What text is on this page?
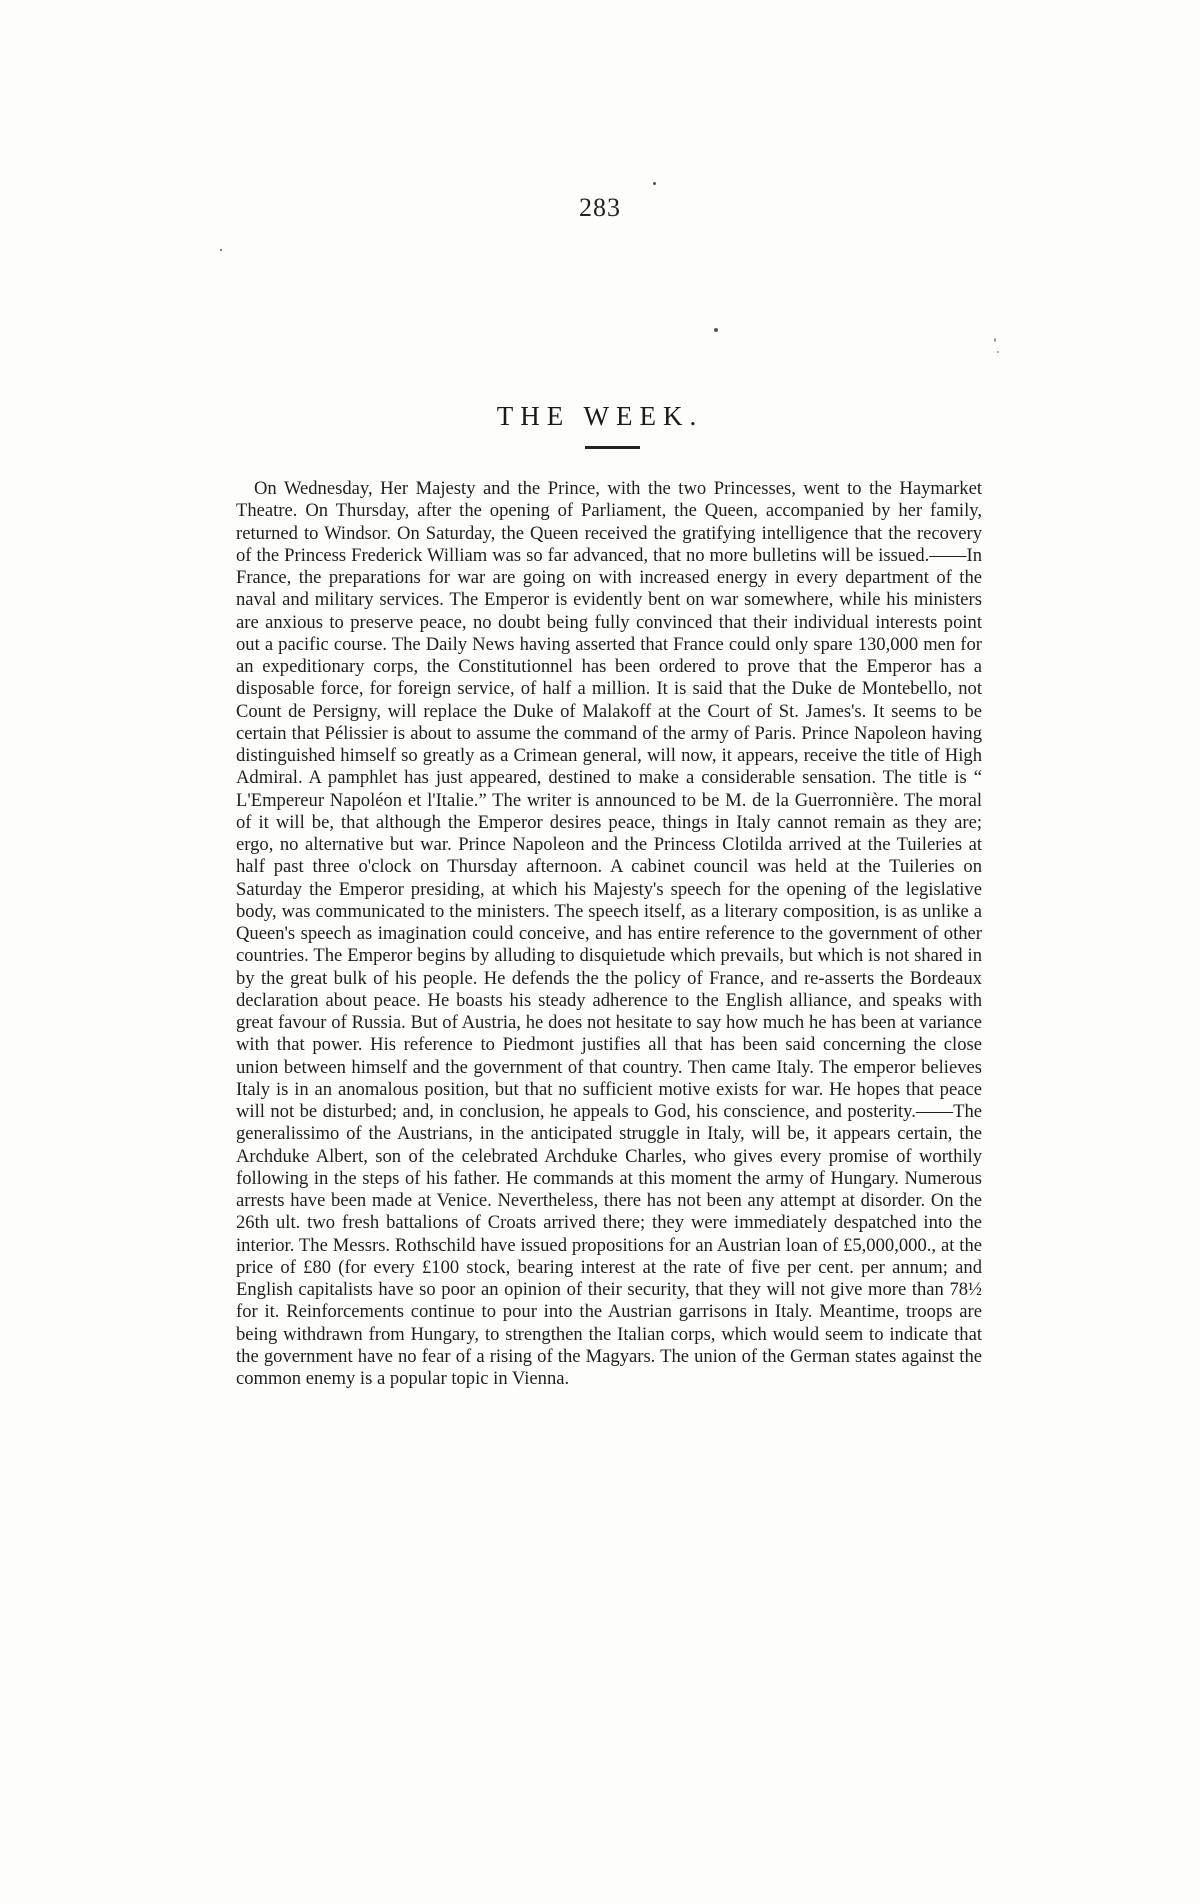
283
THE WEEK.

On Wednesday, Her Majesty and the Prince, with the two Princesses, went to the Haymarket Theatre. On Thursday, after the opening of Parliament, the Queen, accompanied by her family, returned to Windsor. On Saturday, the Queen received the gratifying intelligence that the recovery of the Princess Frederick William was so far advanced, that no more bulletins will be issued.——In France, the preparations for war are going on with increased energy in every department of the naval and military services. The Emperor is evidently bent on war somewhere, while his ministers are anxious to preserve peace, no doubt being fully convinced that their individual interests point out a pacific course. The Daily News having asserted that France could only spare 130,000 men for an expeditionary corps, the Constitutionnel has been ordered to prove that the Emperor has a disposable force, for foreign service, of half a million. It is said that the Duke de Montebello, not Count de Persigny, will replace the Duke of Malakoff at the Court of St. James's. It seems to be certain that Pélissier is about to assume the command of the army of Paris. Prince Napoleon having distinguished himself so greatly as a Crimean general, will now, it appears, receive the title of High Admiral. A pamphlet has just appeared, destined to make a considerable sensation. The title is “ L'Empereur Napoléon et l'Italie.” The writer is announced to be M. de la Guerronnière. The moral of it will be, that although the Emperor desires peace, things in Italy cannot remain as they are; ergo, no alternative but war. Prince Napoleon and the Princess Clotilda arrived at the Tuileries at half past three o'clock on Thursday afternoon. A cabinet council was held at the Tuileries on Saturday the Emperor presiding, at which his Majesty's speech for the opening of the legislative body, was communicated to the ministers. The speech itself, as a literary composition, is as unlike a Queen's speech as imagination could conceive, and has entire reference to the government of other countries. The Emperor begins by alluding to disquietude which prevails, but which is not shared in by the great bulk of his people. He defends the the policy of France, and re-asserts the Bordeaux declaration about peace. He boasts his steady adherence to the English alliance, and speaks with great favour of Russia. But of Austria, he does not hesitate to say how much he has been at variance with that power. His reference to Piedmont justifies all that has been said concerning the close union between himself and the government of that country. Then came Italy. The emperor believes Italy is in an anomalous position, but that no sufficient motive exists for war. He hopes that peace will not be disturbed; and, in conclusion, he appeals to God, his conscience, and posterity.——The generalissimo of the Austrians, in the anticipated struggle in Italy, will be, it appears certain, the Archduke Albert, son of the celebrated Archduke Charles, who gives every promise of worthily following in the steps of his father. He commands at this moment the army of Hungary. Numerous arrests have been made at Venice. Nevertheless, there has not been any attempt at disorder. On the 26th ult. two fresh battalions of Croats arrived there; they were immediately despatched into the interior. The Messrs. Rothschild have issued propositions for an Austrian loan of £5,000,000., at the price of £80 (for every £100 stock, bearing interest at the rate of five per cent. per annum; and English capitalists have so poor an opinion of their security, that they will not give more than 78½ for it. Reinforcements continue to pour into the Austrian garrisons in Italy. Meantime, troops are being withdrawn from Hungary, to strengthen the Italian corps, which would seem to indicate that the government have no fear of a rising of the Magyars. The union of the German states against the common enemy is a popular topic in Vienna.
